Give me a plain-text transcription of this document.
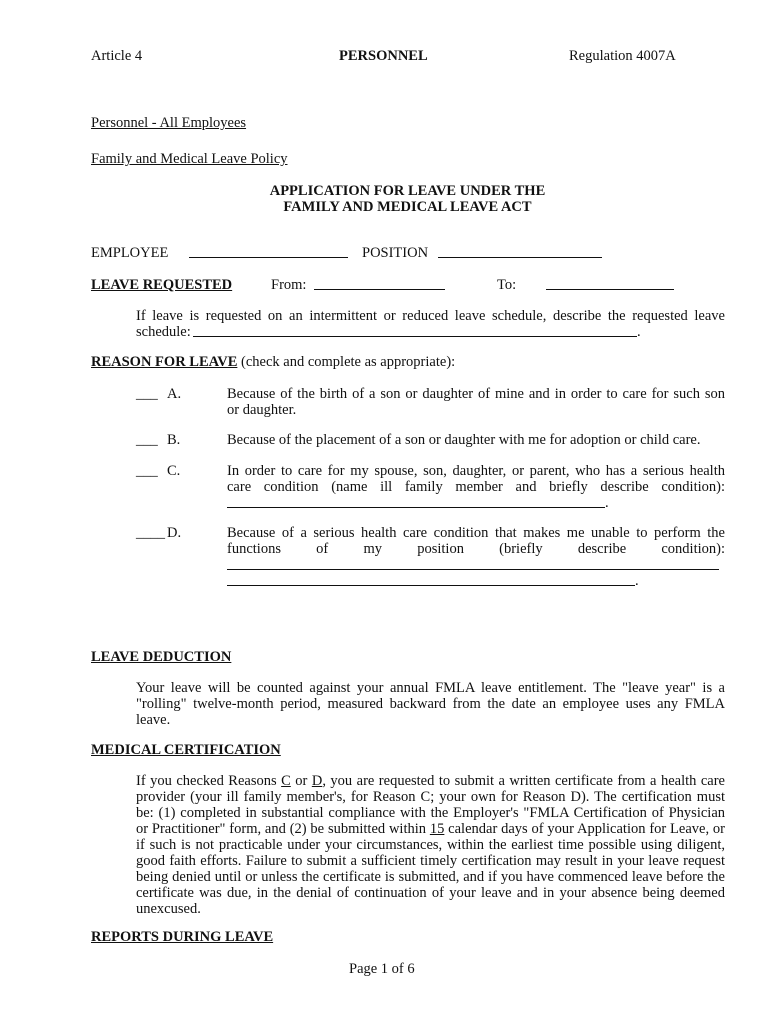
Article 4	PERSONNEL	Regulation 4007A
Personnel - All Employees
Family and Medical Leave Policy
APPLICATION FOR LEAVE UNDER THE
FAMILY AND MEDICAL LEAVE ACT
EMPLOYEE	POSITION
LEAVE REQUESTED	From:	To:
If leave is requested on an intermittent or reduced leave schedule, describe the requested leave
schedule:	.
REASON FOR LEAVE (check and complete as appropriate):
___ A.	Because of the birth of a son or daughter of mine and in order to care for such son
or daughter.
___ B.	Because of the placement of a son or daughter with me for adoption or child care.
___ C.	In order to care for my spouse, son, daughter, or parent, who has a serious health
care condition (name ill family member and briefly describe condition):
.
____ D.	Because of a serious health care condition that makes me unable to perform the
functions of my position (briefly describe condition):
.
LEAVE DEDUCTION
Your leave will be counted against your annual FMLA leave entitlement. The "leave year" is a "rolling" twelve-month period, measured backward from the date an employee uses any FMLA leave.
MEDICAL CERTIFICATION
If you checked Reasons C or D, you are requested to submit a written certificate from a health care provider (your ill family member's, for Reason C; your own for Reason D). The certification must be: (1) completed in substantial compliance with the Employer's "FMLA Certification of Physician or Practitioner" form, and (2) be submitted within 15 calendar days of your Application for Leave, or if such is not practicable under your circumstances, within the earliest time possible using diligent, good faith efforts. Failure to submit a sufficient timely certification may result in your leave request being denied until or unless the certificate is submitted, and if you have commenced leave before the certificate was due, in the denial of continuation of your leave and in your absence being deemed unexcused.
REPORTS DURING LEAVE
Page 1 of 6
